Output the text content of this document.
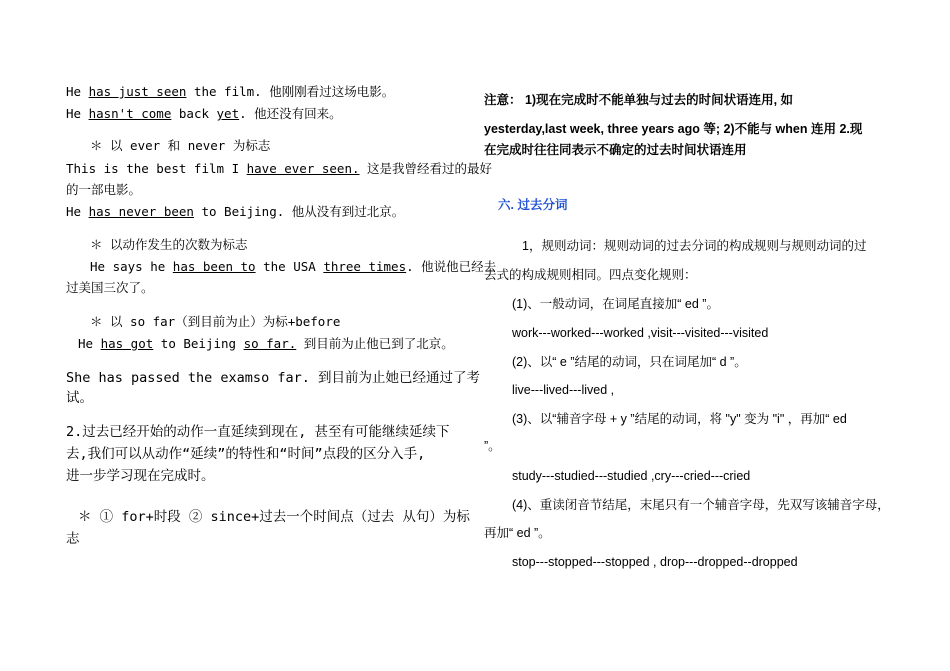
He has just seen the film. 他刚刚看过这场电影。
He hasn't come back yet. 他还没有回来。
＊ 以 ever 和 never 为标志
This is the best film I have ever seen. 这是我曾经看过的最好
的一部电影。
He has never been to Beijing. 他从没有到过北京。
＊ 以动作发生的次数为标志
He says he has been to the USA three times. 他说他已经去
过美国三次了。
＊ 以 so far（到目前为止）为标+before
He has got to Beijing so far. 到目前为止他已到了北京。
She has passed the examso far. 到目前为止她已经通过了考
试。
2.过去已经开始的动作一直延续到现在, 甚至有可能继续延续下
去,我们可以从动作“延续”的特性和“时间”点段的区分入手,
进一步学习现在完成时。
＊ ① for+时段 ② since+过去一个时间点（过去 从句）为标
志
注意： 1)现在完成时不能单独与过去的时间状语连用, 如
yesterday,last week, three years ago 等; 2)不能与 when 连用 2.现
在完成时往往同表示不确定的过去时间状语连用
六. 过去分词
1，规则动词：规则动词的过去分词的构成规则与规则动词的过
去式的构成规则相同。四点变化规则：
(1)、一般动词，在词尾直接加“ ed ”。
work---worked---worked ,visit---visited---visited
(2)、以“ e ”结尾的动词，只在词尾加“ d ”。
live---lived---lived ,
(3)、以“辅音字母 + y ”结尾的动词，将 "y" 变为 "i" ，再加“ ed
”。
study---studied---studied ,cry---cried---cried
(4)、重读闭音节结尾，末尾只有一个辅音字母，先双写该辅音字母，
再加“ ed ”。
stop---stopped---stopped , drop---dropped--dropped
